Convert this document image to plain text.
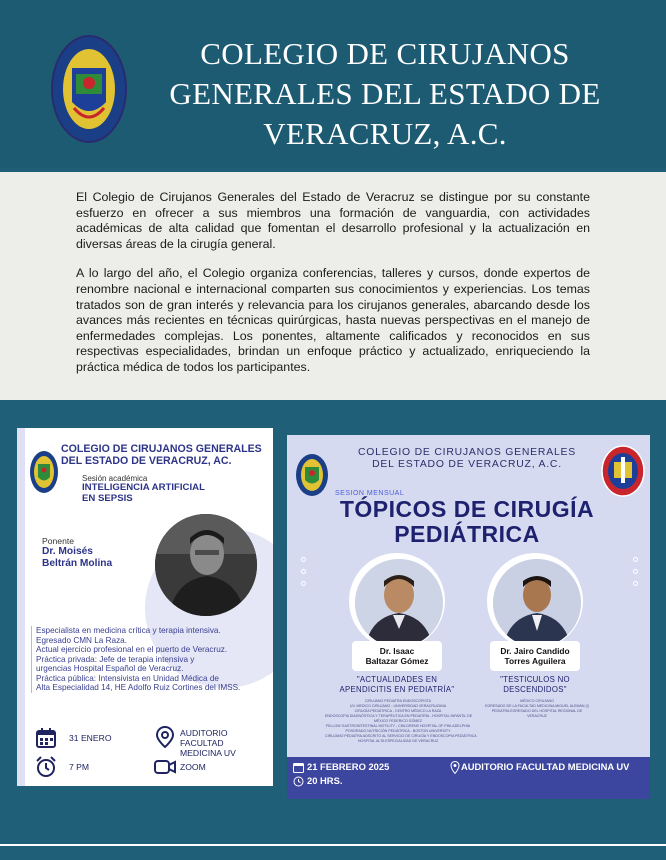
COLEGIO DE CIRUJANOS
GENERALES DEL ESTADO DE
VERACRUZ, A.C.

El Colegio de Cirujanos Generales del Estado de Veracruz se distingue por su constante esfuerzo en ofrecer a sus miembros una formación de vanguardia, con actividades académicas de alta calidad que fomentan el desarrollo profesional y la actualización en diversas áreas de la cirugía general.

A lo largo del año, el Colegio organiza conferencias, talleres y cursos, donde expertos de renombre nacional e internacional comparten sus conocimientos y experiencias. Los temas tratados son de gran interés y relevancia para los cirujanos generales, abarcando desde los avances más recientes en técnicas quirúrgicas, hasta nuevas perspectivas en el manejo de enfermedades complejas. Los ponentes, altamente calificados y reconocidos en sus respectivas especialidades, brindan un enfoque práctico y actualizado, enriqueciendo la práctica médica de todos los participantes.

COLEGIO DE CIRUJANOS GENERALES
DEL ESTADO DE VERACRUZ, AC.
Sesión académica
INTELIGENCIA ARTIFICIAL
EN SEPSIS
Ponente
Dr. Moisés
Beltrán Molina
Especialista en medicina crítica y terapia intensiva.
Egresado CMN La Raza.
Actual ejercicio profesional en el puerto de Veracruz.
Práctica privada: Jefe de terapia intensiva y
urgencias Hospital Español de Veracruz.
Práctica pública: Intensivista en Unidad Médica de
Alta Especialidad 14, HE Adolfo Ruiz Cortines del IMSS.
31 ENERO	AUDITORIO FACULTAD
MEDICINA UV
7 PM	ZOOM
COLEGIO DE CIRUJANOS GENERALES
DEL ESTADO DE VERACRUZ, A.C.
SESION MENSUAL
TÓPICOS DE CIRUGÍA
PEDIÁTRICA
Dr. Isaac
Baltazar Gómez
"ACTUALIDADES EN
APENDICITIS EN PEDIATRÍA"
CIRUJANO PEDIATRA ENDOSCOPISTA
UV, MEDICO CIRUJANO - UNIVERSIDAD VERACRUZANA
CIRUGÍA PEDIÁTRICA - CENTRO MÉDICO LA RAZA
ENDOSCOPIA DIAGNÓSTICA Y TERAPÉUTICA EN PEDIATRÍA - HOSPITAL INFANTIL DE
MÉXICO FEDERICO GÓMEZ
FELLOW GASTROINTESTINAL MOTILITY - CHILDRENS HOSPITAL OF PHILADELPHIA
POSGRADO NUTRICIÓN PEDIÁTRICA - BOSTON UNIVERSITY
CIRUJANO PEDIATRA ADSCRITO AL SERVICIO DE CIRUGÍA Y ENDOSCOPIA PEDIÁTRICA
HOSPITAL ALTA ESPECIALIDAD DE VERACRUZ
Dr. Jairo Candido
Torres Aguilera
"TESTICULOS NO
DESCENDIDOS"
MÉDICO CIRUJANO
EGRESADO DE LA FACULTAD MEDICINA MIGUEL ALEMÁN (I)
PEDIATRA EGRESADO DEL HOSPITAL REGIONAL DE
VERACRUZ
21 FEBRERO 2025
20 HRS.
AUDITORIO FACULTAD MEDICINA UV
